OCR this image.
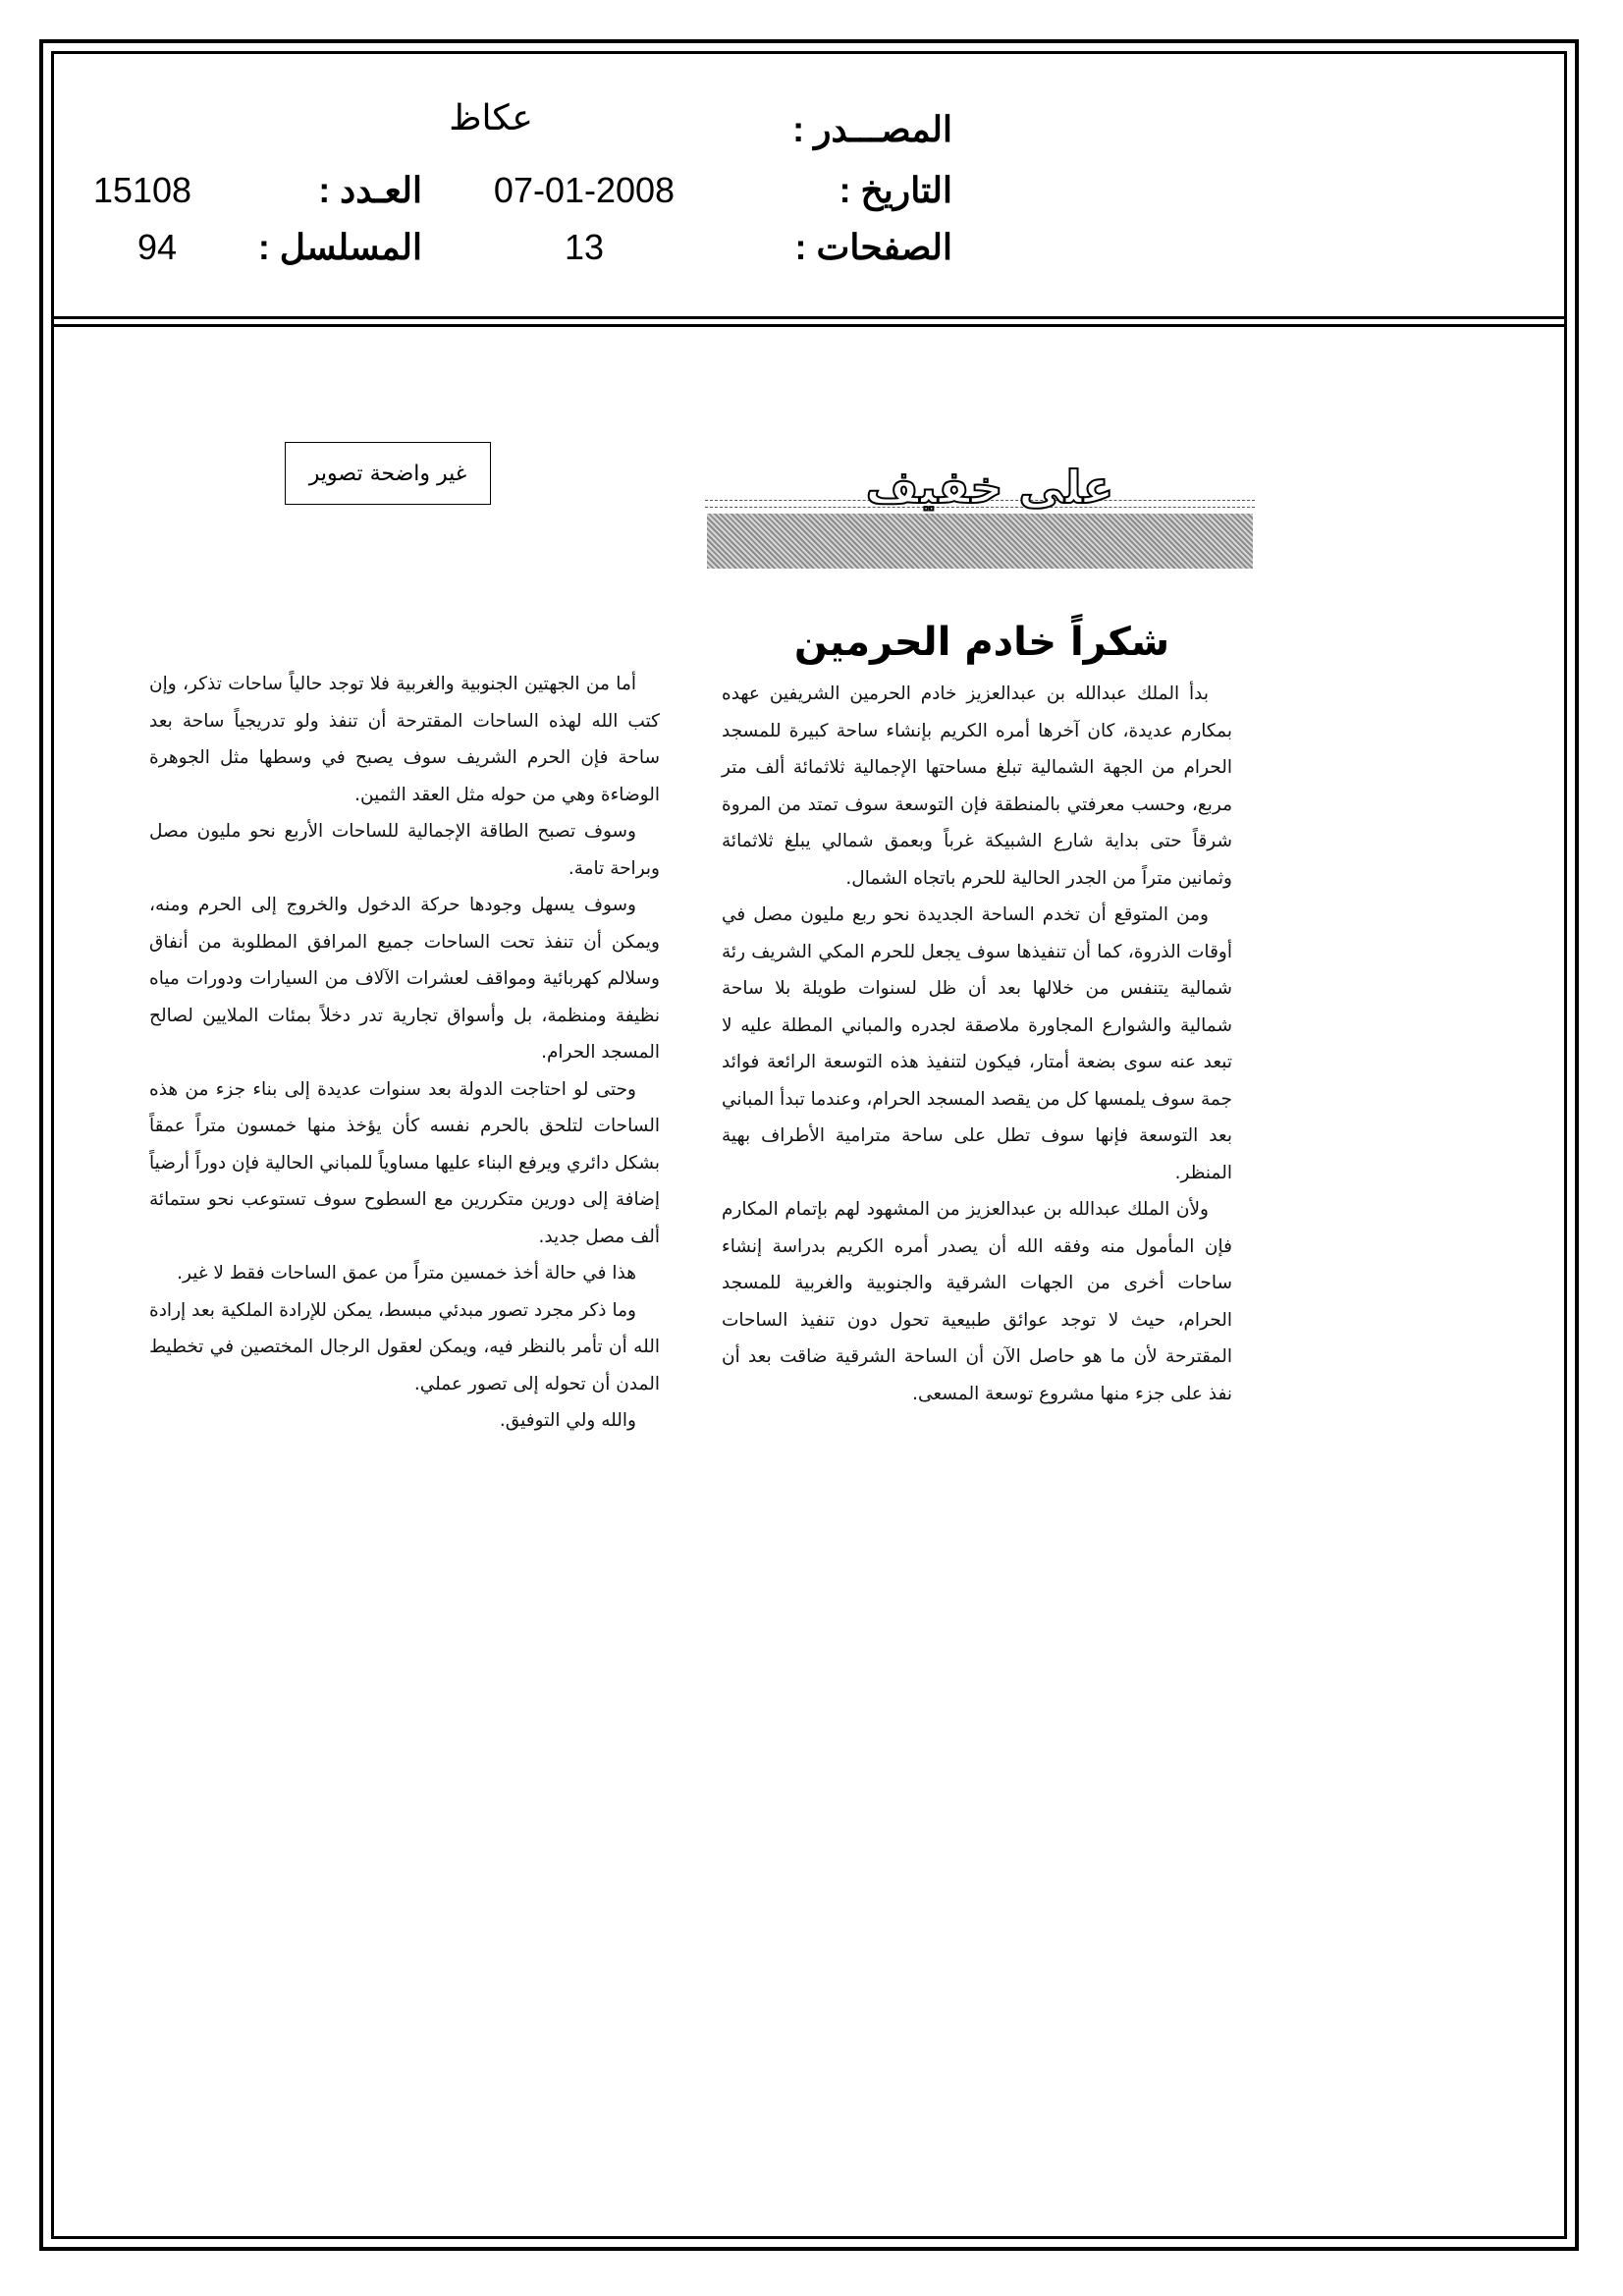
المصـــدر :
عكاظ
التاريخ :
07-01-2008
العـدد :
15108
الصفحات :
13
المسلسل :
94
غير واضحة تصوير	على خفيف
شكراً خادم الحرمين

بدأ الملك عبدالله بن عبدالعزيز خادم الحرمين الشريفين عهده بمكارم عديدة، كان آخرها أمره الكريم بإنشاء ساحة كبيرة للمسجد الحرام من الجهة الشمالية تبلغ مساحتها الإجمالية ثلاثمائة ألف متر مربع، وحسب معرفتي بالمنطقة فإن التوسعة سوف تمتد من المروة شرقاً حتى بداية شارع الشبيكة غرباً وبعمق شمالي يبلغ ثلاثمائة وثمانين متراً من الجدر الحالية للحرم باتجاه الشمال.

ومن المتوقع أن تخدم الساحة الجديدة نحو ربع مليون مصل في أوقات الذروة، كما أن تنفيذها سوف يجعل للحرم المكي الشريف رئة شمالية يتنفس من خلالها بعد أن ظل لسنوات طويلة بلا ساحة شمالية والشوارع المجاورة ملاصقة لجدره والمباني المطلة عليه لا تبعد عنه سوى بضعة أمتار، فيكون لتنفيذ هذه التوسعة الرائعة فوائد جمة سوف يلمسها كل من يقصد المسجد الحرام، وعندما تبدأ المباني بعد التوسعة فإنها سوف تطل على ساحة مترامية الأطراف بهية المنظر.

ولأن الملك عبدالله بن عبدالعزيز من المشهود لهم بإتمام المكارم فإن المأمول منه وفقه الله أن يصدر أمره الكريم بدراسة إنشاء ساحات أخرى من الجهات الشرقية والجنوبية والغربية للمسجد الحرام، حيث لا توجد عوائق طبيعية تحول دون تنفيذ الساحات المقترحة لأن ما هو حاصل الآن أن الساحة الشرقية ضاقت بعد أن نفذ على جزء منها مشروع توسعة المسعى.

أما من الجهتين الجنوبية والغربية فلا توجد حالياً ساحات تذكر، وإن كتب الله لهذه الساحات المقترحة أن تنفذ ولو تدريجياً ساحة بعد ساحة فإن الحرم الشريف سوف يصبح في وسطها مثل الجوهرة الوضاءة وهي من حوله مثل العقد الثمين.

وسوف تصبح الطاقة الإجمالية للساحات الأربع نحو مليون مصل وبراحة تامة.

وسوف يسهل وجودها حركة الدخول والخروج إلى الحرم ومنه، ويمكن أن تنفذ تحت الساحات جميع المرافق المطلوبة من أنفاق وسلالم كهربائية ومواقف لعشرات الآلاف من السيارات ودورات مياه نظيفة ومنظمة، بل وأسواق تجارية تدر دخلاً بمئات الملايين لصالح المسجد الحرام.

وحتى لو احتاجت الدولة بعد سنوات عديدة إلى بناء جزء من هذه الساحات لتلحق بالحرم نفسه كأن يؤخذ منها خمسون متراً عمقاً بشكل دائري ويرفع البناء عليها مساوياً للمباني الحالية فإن دوراً أرضياً إضافة إلى دورين متكررين مع السطوح سوف تستوعب نحو ستمائة ألف مصل جديد.

هذا في حالة أخذ خمسين متراً من عمق الساحات فقط لا غير.

وما ذكر مجرد تصور مبدئي مبسط، يمكن للإرادة الملكية بعد إرادة الله أن تأمر بالنظر فيه، ويمكن لعقول الرجال المختصين في تخطيط المدن أن تحوله إلى تصور عملي.

والله ولي التوفيق.
